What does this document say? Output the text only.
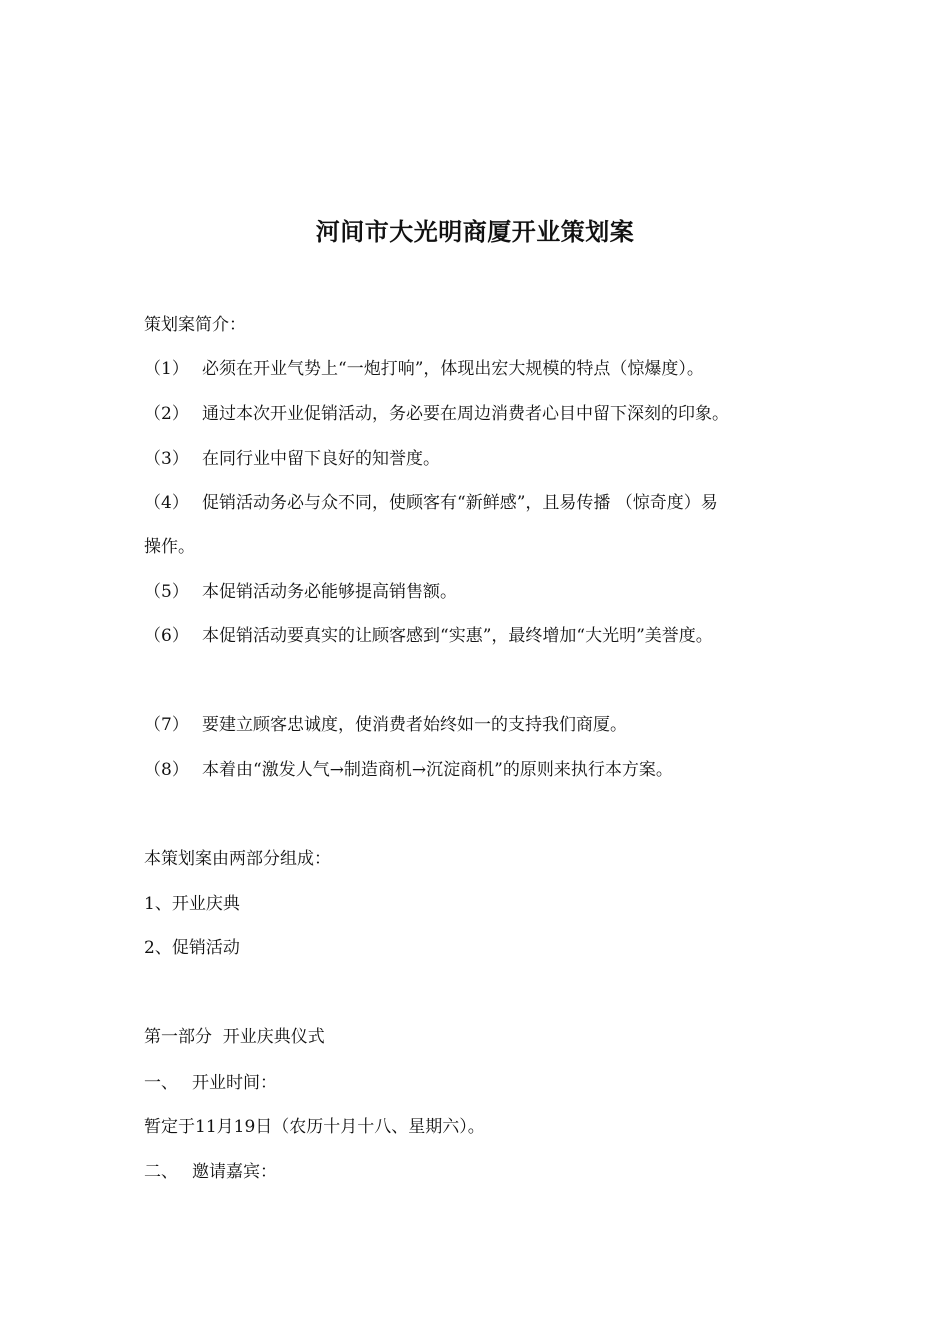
河间市大光明商厦开业策划案
策划案简介：
（1） 必须在开业气势上“一炮打响”，体现出宏大规模的特点（惊爆度）。
（2） 通过本次开业促销活动，务必要在周边消费者心目中留下深刻的印象。
（3） 在同行业中留下良好的知誉度。
（4） 促销活动务必与众不同，使顾客有“新鲜感”，且易传播 （惊奇度）易
操作。
（5） 本促销活动务必能够提高销售额。
（6） 本促销活动要真实的让顾客感到“实惠”，最终增加“大光明”美誉度。
（7） 要建立顾客忠诚度，使消费者始终如一的支持我们商厦。
（8） 本着由“激发人气→制造商机→沉淀商机”的原则来执行本方案。
本策划案由两部分组成：
1、开业庆典
2、促销活动
第一部分  开业庆典仪式
一、 开业时间：
暂定于11月19日（农历十月十八、星期六）。
二、 邀请嘉宾：
